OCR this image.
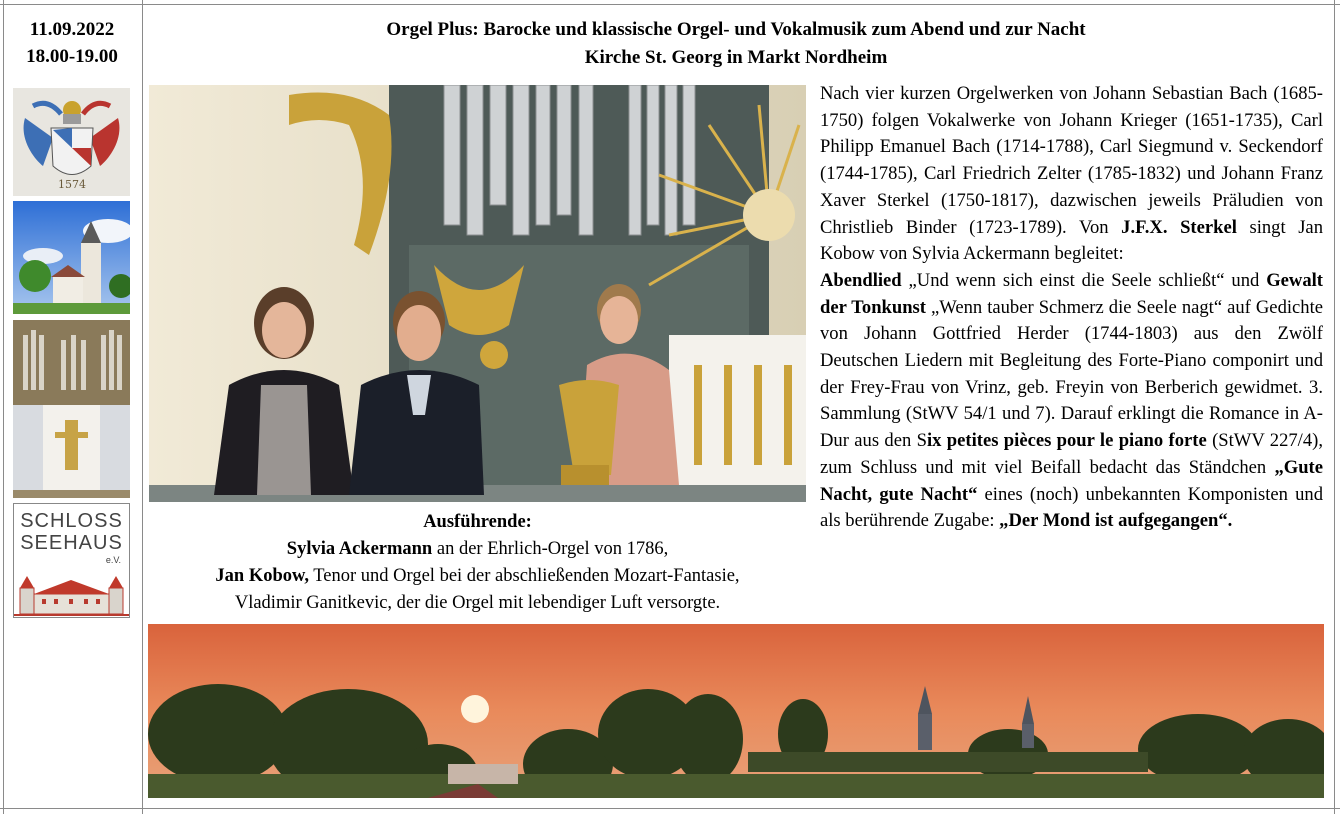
11.09.2022
18.00-19.00
1574
SCHLOSS
SEEHAUS
e.V.
Orgel Plus: Barocke und klassische Orgel- und Vokalmusik zum Abend und zur Nacht
Kirche St. Georg in Markt Nordheim
Ausführende:
Sylvia Ackermann an der Ehrlich-Orgel von 1786,
Jan Kobow, Tenor und Orgel bei der abschließenden Mozart-Fantasie,
Vladimir Ganitkevic, der die Orgel mit lebendiger Luft versorgte.
Nach vier kurzen Orgelwerken von Johann Sebastian Bach (1685-1750) folgen Vokalwerke von Johann Krieger (1651-1735), Carl Philipp Emanuel Bach (1714-1788), Carl Siegmund v. Seckendorf (1744-1785), Carl Friedrich Zelter (1785-1832) und Johann Franz Xaver Sterkel (1750-1817), dazwischen jeweils Präludien von Christlieb Binder (1723-1789). Von J.F.X. Sterkel singt Jan Kobow von Sylvia Ackermann begleitet:
Abendlied „Und wenn sich einst die Seele schließt“ und Gewalt der Tonkunst „Wenn tauber Schmerz die Seele nagt“ auf Gedichte von Johann Gottfried Herder (1744-1803) aus den Zwölf Deutschen Liedern mit Begleitung des Forte-Piano componirt und der Frey-Frau von Vrinz, geb. Freyin von Berberich gewidmet. 3. Sammlung (StWV 54/1 und 7). Darauf erklingt die Romance in A-Dur aus den Six petites pièces pour le piano forte (StWV 227/4), zum Schluss und mit viel Beifall bedacht das Ständchen „Gute Nacht, gute Nacht“ eines (noch) unbekannten Komponisten und als berührende Zugabe: „Der Mond ist aufgegangen“.
